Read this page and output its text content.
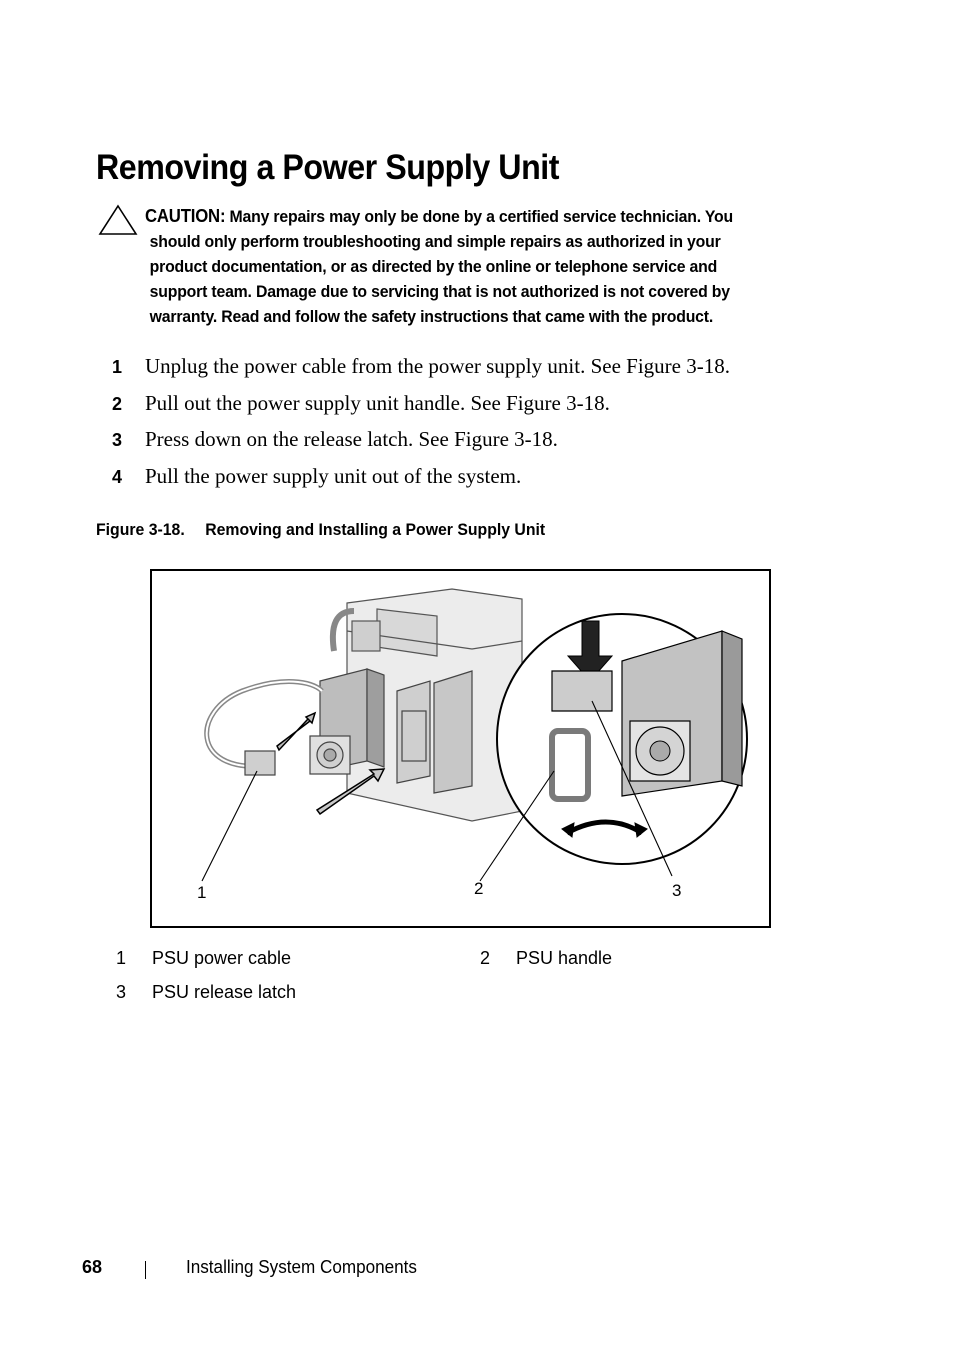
Removing a Power Supply Unit
CAUTION: Many repairs may only be done by a certified service technician. You
should only perform troubleshooting and simple repairs as authorized in your
product documentation, or as directed by the online or telephone service and
support team. Damage due to servicing that is not authorized is not covered by
warranty. Read and follow the safety instructions that came with the product.
1 Unplug the power cable from the power supply unit. See Figure 3-18.
2 Pull out the power supply unit handle. See Figure 3-18.
3 Press down on the release latch. See Figure 3-18.
4 Pull the power supply unit out of the system.
Figure 3-18. Removing and Installing a Power Supply Unit
1	2	3
1 PSU power cable	2 PSU handle
3 PSU release latch
68	Installing System Components
